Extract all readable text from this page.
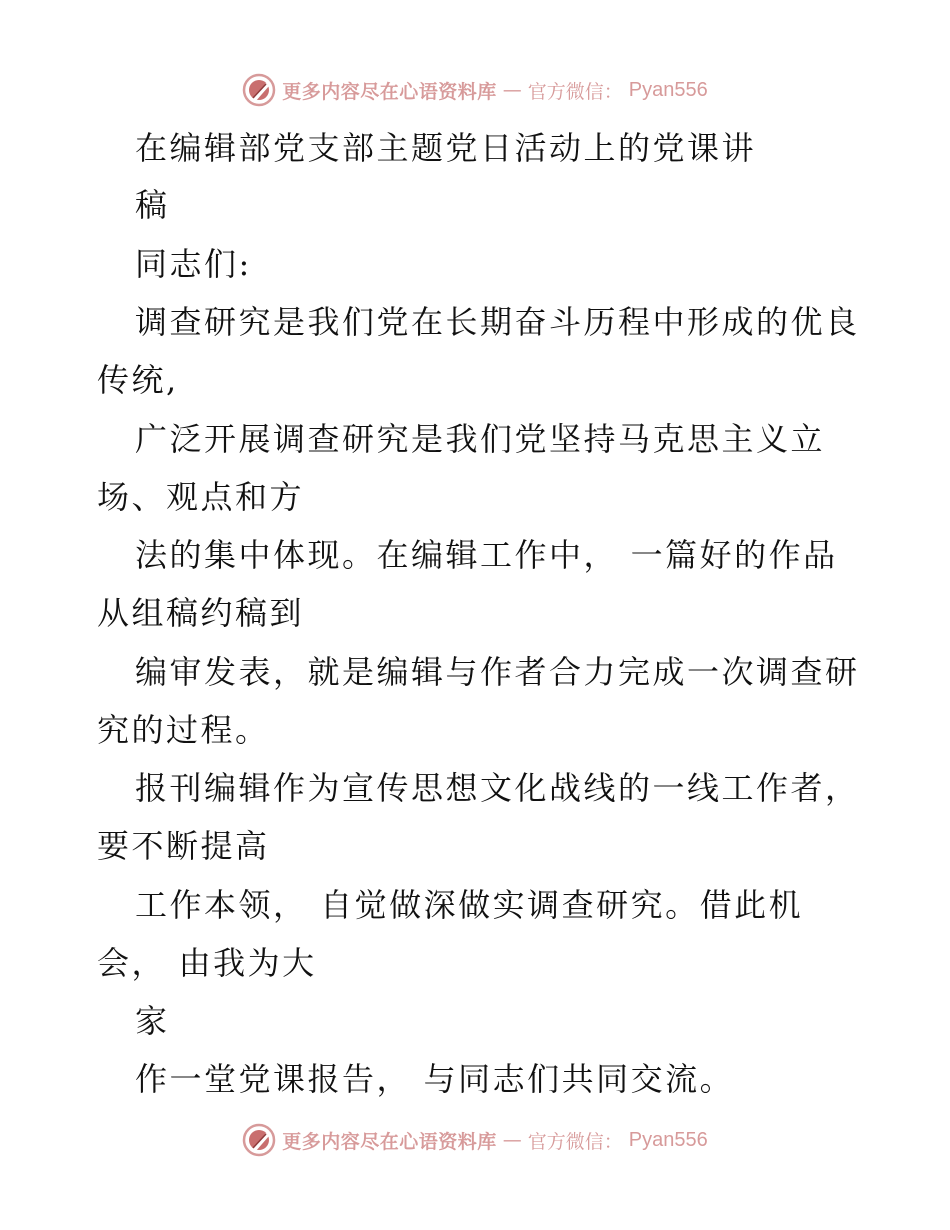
更多内容尽在心语资料库 — 官方微信： Pyan556
在编辑部党支部主题党日活动上的党课讲
稿
同志们:
调查研究是我们党在长期奋斗历程中形成的优良
传统,
广泛开展调查研究是我们党坚持马克思主义立
场、观点和方
法的集中体现。在编辑工作中， 一篇好的作品
从组稿约稿到
编审发表，就是编辑与作者合力完成一次调查研
究的过程。
报刊编辑作为宣传思想文化战线的一线工作者，
要不断提高
工作本领， 自觉做深做实调查研究。借此机
会， 由我为大
家
作一堂党课报告， 与同志们共同交流。
更多内容尽在心语资料库 — 官方微信： Pyan556
